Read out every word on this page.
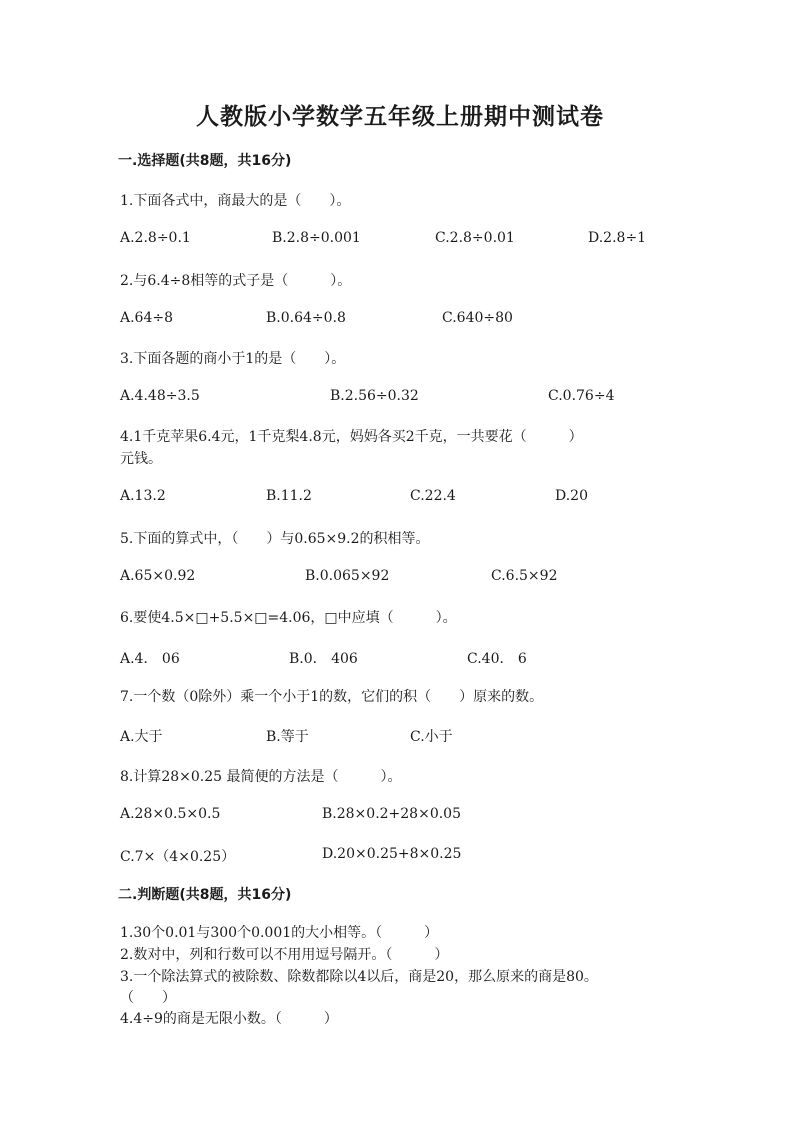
人教版小学数学五年级上册期中测试卷
一.选择题(共8题，共16分)
1.下面各式中，商最大的是（　　）。
A.2.8÷0.1	B.2.8÷0.001	C.2.8÷0.01	D.2.8÷1
2.与6.4÷8相等的式子是（　　　）。
A.64÷8	B.0.64÷0.8	C.640÷80
3.下面各题的商小于1的是（　　）。
A.4.48÷3.5	B.2.56÷0.32	C.0.76÷4
4.1千克苹果6.4元，1千克梨4.8元，妈妈各买2千克，一共要花（　　　）
元钱。
A.13.2	B.11.2	C.22.4	D.20
5.下面的算式中，（　　）与0.65×9.2的积相等。
A.65×0.92	B.0.065×92	C.6.5×92
6.要使4.5×□+5.5×□=4.06，□中应填（　　　）。
A.4． 06	B.0． 406	C.40． 6
7.一个数（0除外）乘一个小于1的数，它们的积（　　）原来的数。
A.大于	B.等于	C.小于
8.计算28×0.25 最简便的方法是（　　　）。
A.28×0.5×0.5	B.28×0.2+28×0.05
C.7×（4×0.25）	D.20×0.25+8×0.25
二.判断题(共8题，共16分)
1.30个0.01与300个0.001的大小相等。（　　　）
2.数对中，列和行数可以不用用逗号隔开。（　　　）
3.一个除法算式的被除数、除数都除以4以后，商是20，那么原来的商是80。
（　　）
4.4÷9的商是无限小数。（　　　）
